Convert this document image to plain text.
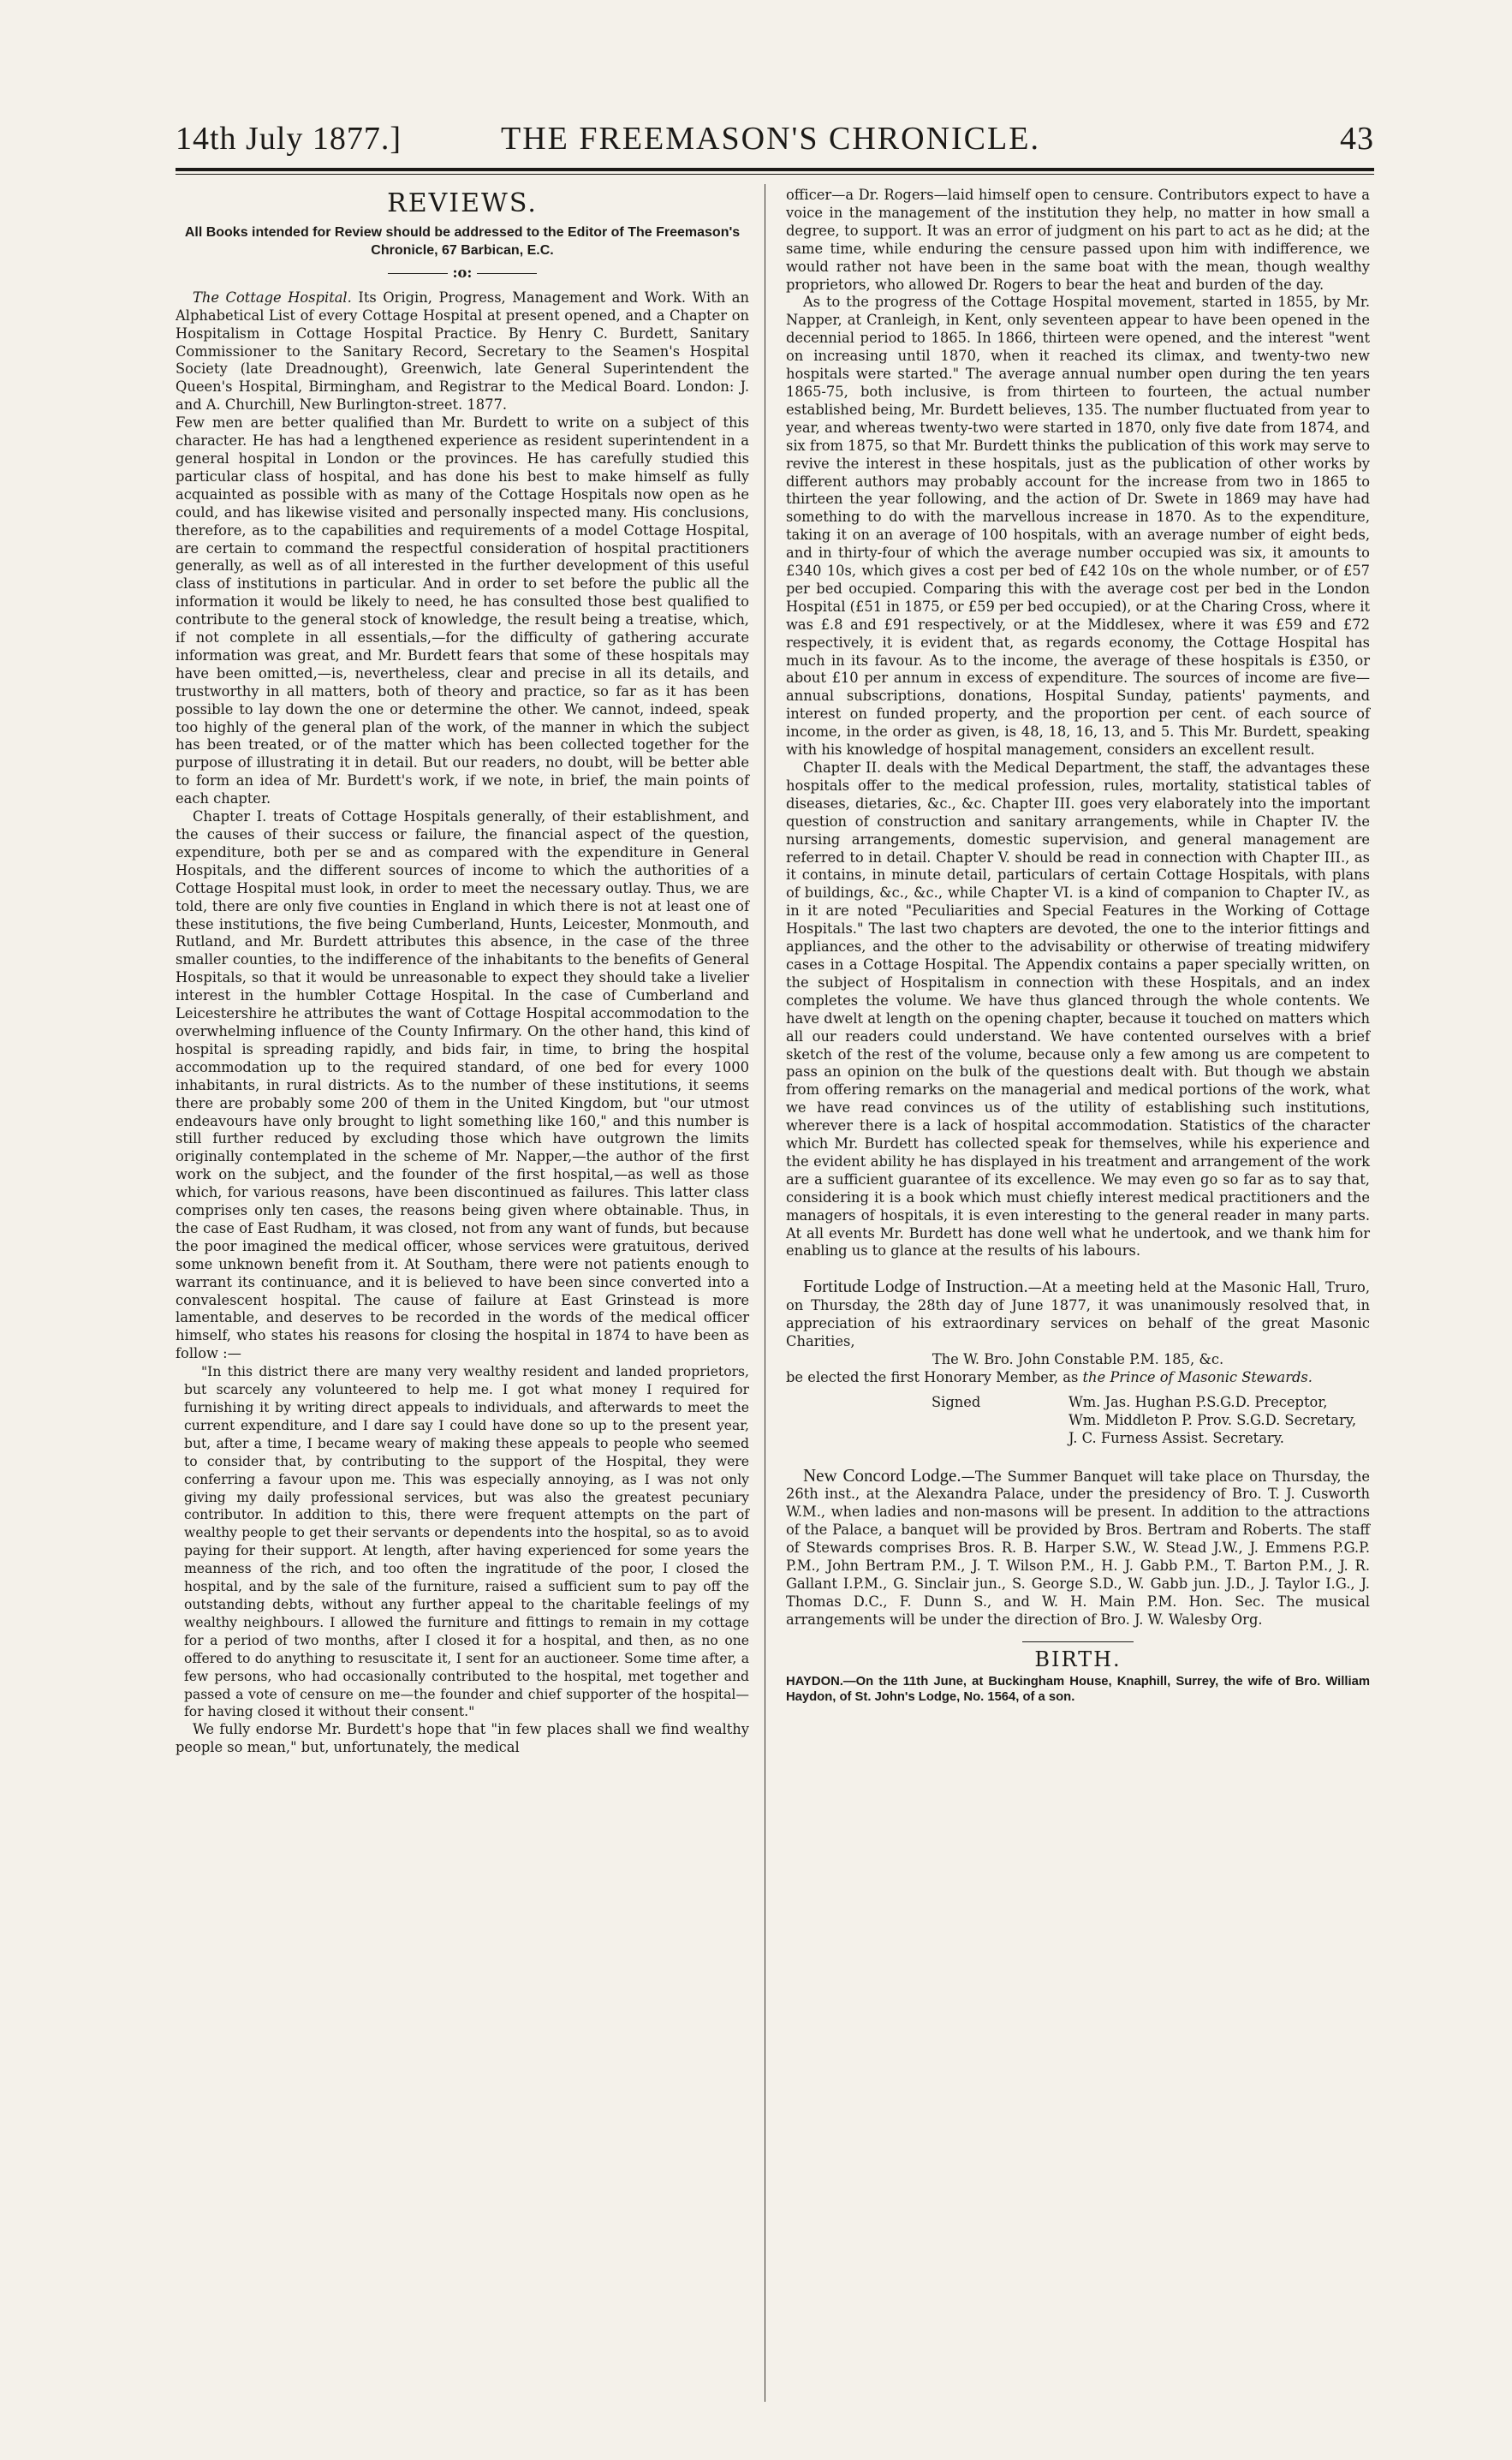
14th July 1877.]	THE FREEMASON'S CHRONICLE.	43
REVIEWS.
All Books intended for Review should be addressed to the Editor of The Freemason's Chronicle, 67 Barbican, E.C.
:o:

The Cottage Hospital. Its Origin, Progress, Management and Work. With an Alphabetical List of every Cottage Hospital at present opened, and a Chapter on Hospitalism in Cottage Hospital Practice. By Henry C. Burdett, Sanitary Commissioner to the Sanitary Record, Secretary to the Seamen's Hospital Society (late Dreadnought), Greenwich, late General Superintendent the Queen's Hospital, Birmingham, and Registrar to the Medical Board. London: J. and A. Churchill, New Burlington-street. 1877.

Few men are better qualified than Mr. Burdett to write on a subject of this character. He has had a lengthened experience as resident superintendent in a general hospital in London or the provinces. He has carefully studied this particular class of hospital, and has done his best to make himself as fully acquainted as possible with as many of the Cottage Hospitals now open as he could, and has likewise visited and personally inspected many. His conclusions, therefore, as to the capabilities and requirements of a model Cottage Hospital, are certain to command the respectful consideration of hospital practitioners generally, as well as of all interested in the further development of this useful class of institutions in particular. And in order to set before the public all the information it would be likely to need, he has consulted those best qualified to contribute to the general stock of knowledge, the result being a treatise, which, if not complete in all essentials,—for the difficulty of gathering accurate information was great, and Mr. Burdett fears that some of these hospitals may have been omitted,—is, nevertheless, clear and precise in all its details, and trustworthy in all matters, both of theory and practice, so far as it has been possible to lay down the one or determine the other. We cannot, indeed, speak too highly of the general plan of the work, of the manner in which the subject has been treated, or of the matter which has been collected together for the purpose of illustrating it in detail. But our readers, no doubt, will be better able to form an idea of Mr. Burdett's work, if we note, in brief, the main points of each chapter.

Chapter I. treats of Cottage Hospitals generally, of their establishment, and the causes of their success or failure, the financial aspect of the question, expenditure, both per se and as compared with the expenditure in General Hospitals, and the different sources of income to which the authorities of a Cottage Hospital must look, in order to meet the necessary outlay. Thus, we are told, there are only five counties in England in which there is not at least one of these institutions, the five being Cumberland, Hunts, Leicester, Monmouth, and Rutland, and Mr. Burdett attributes this absence, in the case of the three smaller counties, to the indifference of the inhabitants to the benefits of General Hospitals, so that it would be unreasonable to expect they should take a livelier interest in the humbler Cottage Hospital. In the case of Cumberland and Leicestershire he attributes the want of Cottage Hospital accommodation to the overwhelming influence of the County Infirmary. On the other hand, this kind of hospital is spreading rapidly, and bids fair, in time, to bring the hospital accommodation up to the required standard, of one bed for every 1000 inhabitants, in rural districts. As to the number of these institutions, it seems there are probably some 200 of them in the United Kingdom, but "our utmost endeavours have only brought to light something like 160," and this number is still further reduced by excluding those which have outgrown the limits originally contemplated in the scheme of Mr. Napper,—the author of the first work on the subject, and the founder of the first hospital,—as well as those which, for various reasons, have been discontinued as failures. This latter class comprises only ten cases, the reasons being given where obtainable. Thus, in the case of East Rudham, it was closed, not from any want of funds, but because the poor imagined the medical officer, whose services were gratuitous, derived some unknown benefit from it. At Southam, there were not patients enough to warrant its continuance, and it is believed to have been since converted into a convalescent hospital. The cause of failure at East Grinstead is more lamentable, and deserves to be recorded in the words of the medical officer himself, who states his reasons for closing the hospital in 1874 to have been as follow :—

"In this district there are many very wealthy resident and landed proprietors, but scarcely any volunteered to help me. I got what money I required for furnishing it by writing direct appeals to individuals, and afterwards to meet the current expenditure, and I dare say I could have done so up to the present year, but, after a time, I became weary of making these appeals to people who seemed to consider that, by contributing to the support of the Hospital, they were conferring a favour upon me. This was especially annoying, as I was not only giving my daily professional services, but was also the greatest pecuniary contributor. In addition to this, there were frequent attempts on the part of wealthy people to get their servants or dependents into the hospital, so as to avoid paying for their support. At length, after having experienced for some years the meanness of the rich, and too often the ingratitude of the poor, I closed the hospital, and by the sale of the furniture, raised a sufficient sum to pay off the outstanding debts, without any further appeal to the charitable feelings of my wealthy neighbours. I allowed the furniture and fittings to remain in my cottage for a period of two months, after I closed it for a hospital, and then, as no one offered to do anything to resuscitate it, I sent for an auctioneer. Some time after, a few persons, who had occasionally contributed to the hospital, met together and passed a vote of censure on me—the founder and chief supporter of the hospital—for having closed it without their consent."

We fully endorse Mr. Burdett's hope that "in few places shall we find wealthy people so mean," but, unfortunately, the medical

officer—a Dr. Rogers—laid himself open to censure. Contributors expect to have a voice in the management of the institution they help, no matter in how small a degree, to support. It was an error of judgment on his part to act as he did; at the same time, while enduring the censure passed upon him with indifference, we would rather not have been in the same boat with the mean, though wealthy proprietors, who allowed Dr. Rogers to bear the heat and burden of the day.

As to the progress of the Cottage Hospital movement, started in 1855, by Mr. Napper, at Cranleigh, in Kent, only seventeen appear to have been opened in the decennial period to 1865. In 1866, thirteen were opened, and the interest "went on increasing until 1870, when it reached its climax, and twenty-two new hospitals were started." The average annual number open during the ten years 1865-75, both inclusive, is from thirteen to fourteen, the actual number established being, Mr. Burdett believes, 135. The number fluctuated from year to year, and whereas twenty-two were started in 1870, only five date from 1874, and six from 1875, so that Mr. Burdett thinks the publication of this work may serve to revive the interest in these hospitals, just as the publication of other works by different authors may probably account for the increase from two in 1865 to thirteen the year following, and the action of Dr. Swete in 1869 may have had something to do with the marvellous increase in 1870. As to the expenditure, taking it on an average of 100 hospitals, with an average number of eight beds, and in thirty-four of which the average number occupied was six, it amounts to £340 10s, which gives a cost per bed of £42 10s on the whole number, or of £57 per bed occupied. Comparing this with the average cost per bed in the London Hospital (£51 in 1875, or £59 per bed occupied), or at the Charing Cross, where it was £.8 and £91 respectively, or at the Middlesex, where it was £59 and £72 respectively, it is evident that, as regards economy, the Cottage Hospital has much in its favour. As to the income, the average of these hospitals is £350, or about £10 per annum in excess of expenditure. The sources of income are five—annual subscriptions, donations, Hospital Sunday, patients' payments, and interest on funded property, and the proportion per cent. of each source of income, in the order as given, is 48, 18, 16, 13, and 5. This Mr. Burdett, speaking with his knowledge of hospital management, considers an excellent result.

Chapter II. deals with the Medical Department, the staff, the advantages these hospitals offer to the medical profession, rules, mortality, statistical tables of diseases, dietaries, &c., &c. Chapter III. goes very elaborately into the important question of construction and sanitary arrangements, while in Chapter IV. the nursing arrangements, domestic supervision, and general management are referred to in detail. Chapter V. should be read in connection with Chapter III., as it contains, in minute detail, particulars of certain Cottage Hospitals, with plans of buildings, &c., &c., while Chapter VI. is a kind of companion to Chapter IV., as in it are noted "Peculiarities and Special Features in the Working of Cottage Hospitals." The last two chapters are devoted, the one to the interior fittings and appliances, and the other to the advisability or otherwise of treating midwifery cases in a Cottage Hospital. The Appendix contains a paper specially written, on the subject of Hospitalism in connection with these Hospitals, and an index completes the volume. We have thus glanced through the whole contents. We have dwelt at length on the opening chapter, because it touched on matters which all our readers could understand. We have contented ourselves with a brief sketch of the rest of the volume, because only a few among us are competent to pass an opinion on the bulk of the questions dealt with. But though we abstain from offering remarks on the managerial and medical portions of the work, what we have read convinces us of the utility of establishing such institutions, wherever there is a lack of hospital accommodation. Statistics of the character which Mr. Burdett has collected speak for themselves, while his experience and the evident ability he has displayed in his treatment and arrangement of the work are a sufficient guarantee of its excellence. We may even go so far as to say that, considering it is a book which must chiefly interest medical practitioners and the managers of hospitals, it is even interesting to the general reader in many parts. At all events Mr. Burdett has done well what he undertook, and we thank him for enabling us to glance at the results of his labours.

Fortitude Lodge of Instruction.—At a meeting held at the Masonic Hall, Truro, on Thursday, the 28th day of June 1877, it was unanimously resolved that, in appreciation of his extraordinary services on behalf of the great Masonic Charities,

The W. Bro. John Constable P.M. 185, &c.

be elected the first Honorary Member, as the Prince of Masonic Stewards.

Signed	Wm. Jas. Hughan P.S.G.D. Preceptor,

Wm. Middleton P. Prov. S.G.D. Secretary,

J. C. Furness Assist. Secretary.

New Concord Lodge.—The Summer Banquet will take place on Thursday, the 26th inst., at the Alexandra Palace, under the presidency of Bro. T. J. Cusworth W.M., when ladies and non-masons will be present. In addition to the attractions of the Palace, a banquet will be provided by Bros. Bertram and Roberts. The staff of Stewards comprises Bros. R. B. Harper S.W., W. Stead J.W., J. Emmens P.G.P. P.M., John Bertram P.M., J. T. Wilson P.M., H. J. Gabb P.M., T. Barton P.M., J. R. Gallant I.P.M., G. Sinclair jun., S. George S.D., W. Gabb jun. J.D., J. Taylor I.G., J. Thomas D.C., F. Dunn S., and W. H. Main P.M. Hon. Sec. The musical arrangements will be under the direction of Bro. J. W. Walesby Org.

BIRTH.

HAYDON.—On the 11th June, at Buckingham House, Knaphill, Surrey, the wife of Bro. William Haydon, of St. John's Lodge, No. 1564, of a son.
